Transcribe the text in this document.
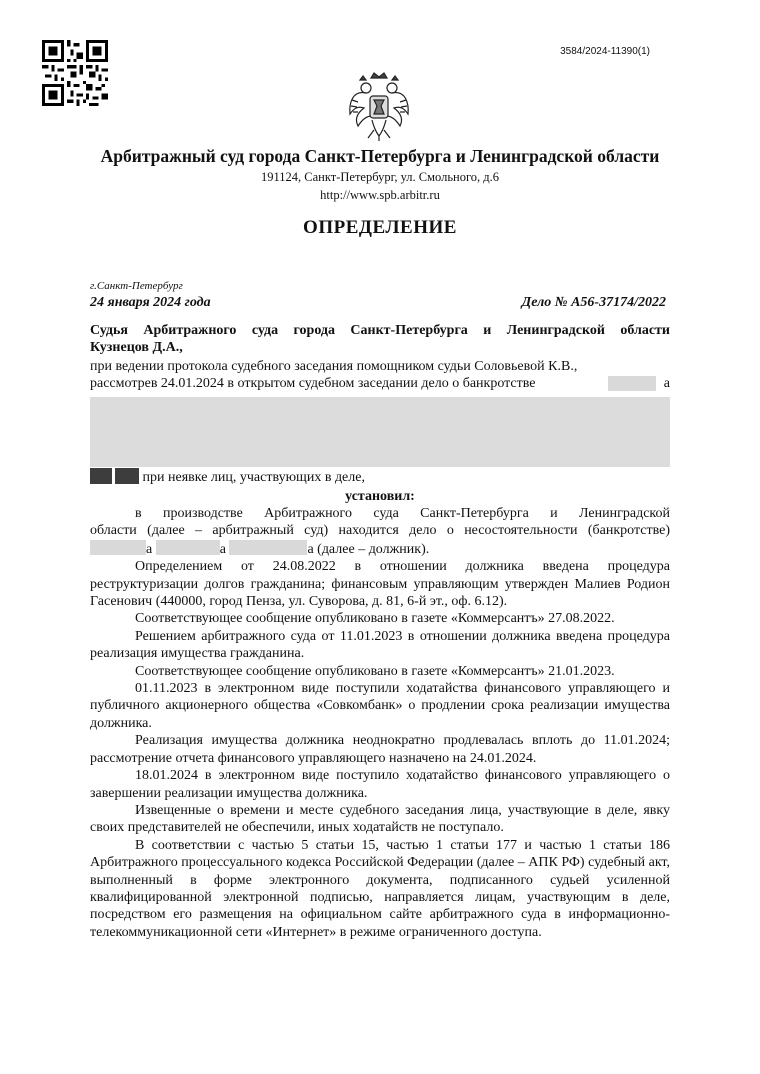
3584/2024-11390(1)
Арбитражный суд города Санкт-Петербурга и Ленинградской области
191124, Санкт-Петербург, ул. Смольного, д.6
http://www.spb.arbitr.ru
ОПРЕДЕЛЕНИЕ
г.Санкт-Петербург
24 января 2024 года	Дело № А56-37174/2022

Судья Арбитражного суда города Санкт-Петербурга и Ленинградской области

Кузнецов Д.А.,

при ведении протокола судебного заседания помощником судьи Соловьевой К.В.,

рассмотрев 24.01.2024 в открытом судебном заседании дело о банкротстве	а

при неявке лиц, участвующих в деле,
установил:

в производстве Арбитражного суда Санкт-Петербурга и Ленинградской

области (далее – арбитражный суд) находится дело о несостоятельности (банкротстве)

а	а	а (далее – должник).

Определением от 24.08.2022 в отношении должника введена процедура реструктуризации долгов гражданина; финансовым управляющим утвержден Малиев Родион Гасенович (440000, город Пенза, ул. Суворова, д. 81, 6-й эт., оф. 6.12).

Соответствующее сообщение опубликовано в газете «Коммерсантъ» 27.08.2022.

Решением арбитражного суда от 11.01.2023 в отношении должника введена процедура реализация имущества гражданина.

Соответствующее сообщение опубликовано в газете «Коммерсантъ» 21.01.2023.

01.11.2023 в электронном виде поступили ходатайства финансового управляющего и публичного акционерного общества «Совкомбанк» о продлении срока реализации имущества должника.

Реализация имущества должника неоднократно продлевалась вплоть до 11.01.2024; рассмотрение отчета финансового управляющего назначено на 24.01.2024.

18.01.2024 в электронном виде поступило ходатайство финансового управляющего о завершении реализации имущества должника.

Извещенные о времени и месте судебного заседания лица, участвующие в деле, явку своих представителей не обеспечили, иных ходатайств не поступало.

В соответствии с частью 5 статьи 15, частью 1 статьи 177 и частью 1 статьи 186 Арбитражного процессуального кодекса Российской Федерации (далее – АПК РФ) судебный акт, выполненный в форме электронного документа, подписанного судьей усиленной квалифицированной электронной подписью, направляется лицам, участвующим в деле, посредством его размещения на официальном сайте арбитражного суда в информационно-телекоммуникационной сети «Интернет» в режиме ограниченного доступа.
